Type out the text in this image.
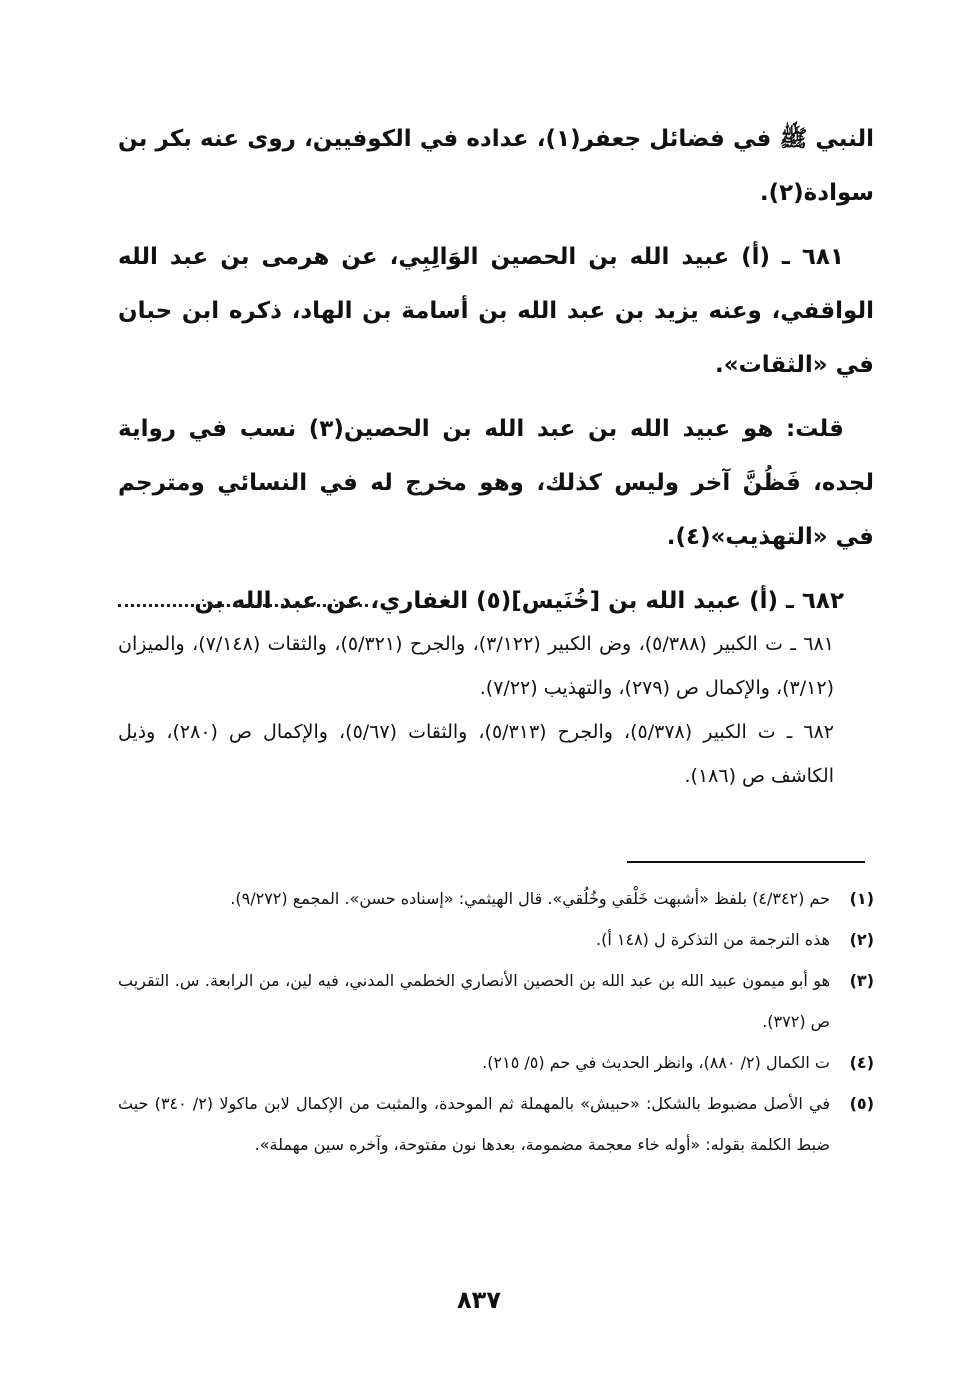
النبي ﷺ في فضائل جعفر(١)، عداده في الكوفيين، روى عنه بكر بن سوادة(٢).

٦٨١ ـ (أ) عبيد الله بن الحصين الوَالِبِي، عن هرمى بن عبد الله الواقفي، وعنه يزيد بن عبد الله بن أسامة بن الهاد، ذكره ابن حبان في «الثقات».

قلت: هو عبيد الله بن عبد الله بن الحصين(٣) نسب في رواية لجده، فَظُنَّ آخر وليس كذلك، وهو مخرج له في النسائي ومترجم في «التهذيب»(٤).

٦٨٢ ـ (أ) عبيد الله بن [خُنَيس](٥) الغفاري، عن عبد الله بن

٦٨١ ـ ت الكبير (٥/٣٨٨)، وض الكبير (٣/١٢٢)، والجرح (٥/٣٢١)، والثقات (٧/١٤٨)، والميزان (٣/١٢)، والإكمال ص (٢٧٩)، والتهذيب (٧/٢٢).

٦٨٢ ـ ت الكبير (٥/٣٧٨)، والجرح (٥/٣١٣)، والثقات (٥/٦٧)، والإكمال ص (٢٨٠)، وذيل الكاشف ص (١٨٦).

(١)
حم (٤/٣٤٢) بلفظ «أشبهت خَلْقي وخُلُقي». قال الهيثمي: «إسناده حسن». المجمع (٩/٢٧٢).
(٢)
هذه الترجمة من التذكرة ل (١٤٨ أ).
(٣)
هو أبو ميمون عبيد الله بن عبد الله بن الحصين الأنصاري الخطمي المدني، فيه لين، من الرابعة. س. التقريب ص (٣٧٢).
(٤)
ت الكمال (٢/ ٨٨٠)، وانظر الحديث في حم (٥/ ٢١٥).
(٥)
في الأصل مضبوط بالشكل: «حبيش» بالمهملة ثم الموحدة، والمثبت من الإكمال لابن ماكولا (٢/ ٣٤٠) حيث ضبط الكلمة بقوله: «أوله خاء معجمة مضمومة، بعدها نون مفتوحة، وآخره سين مهملة».
٨٣٧
